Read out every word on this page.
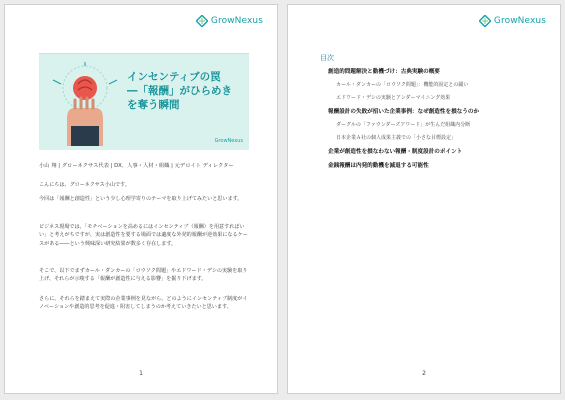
GrowNexus
インセンティブの罠
―「報酬」がひらめき
を奪う瞬間
GrowNexus
小山 翔 | グローネクサス代表 | DX、人事・人材・組織 | 元デロイト ディレクター
こんにちは、グローネクサス小山です。
今回は「報酬と創造性」という少し心理学寄りのテーマを取り上げてみたいと思います。
ビジネス現場では、「モチベーションを高めるにはインセンティブ（報酬）を用意すればいい」と考えがちですが、実は創造性を要する場面では適度な外発的報酬が逆効果になるケースがある――という興味深い研究結果が数多く存在します。
そこで、以下でまずカール・ダンカーの「ロウソク問題」やエドワード・デシの実験を取り上げ、それらが示唆する「報酬が創造性に与える影響」を掘り下げます。
さらに、それらを踏まえて実際の企業事例を見ながら、どのようにインセンティブ制度がイノベーションや創造的思考を促進・阻害してしまうのか考えていきたいと思います。
1
GrowNexus
目次
創造的問題解決と動機づけ：古典実験の概要
カール・ダンカーの「ロウソク問題」：機能的固定との闘い
エドワード・デシの実験とアンダーマイニング効果
報酬設計の失敗が招いた企業事例：なぜ創造性を損なうのか
ダーグルの「ファウンダーズアワード」が生んだ組織内分断
日本企業Ａ社の個人成果主義での「小さな目標設定」
企業が創造性を損なわない報酬・制度設計のポイント
金銭報酬は内発的動機を減退する可能性
2
